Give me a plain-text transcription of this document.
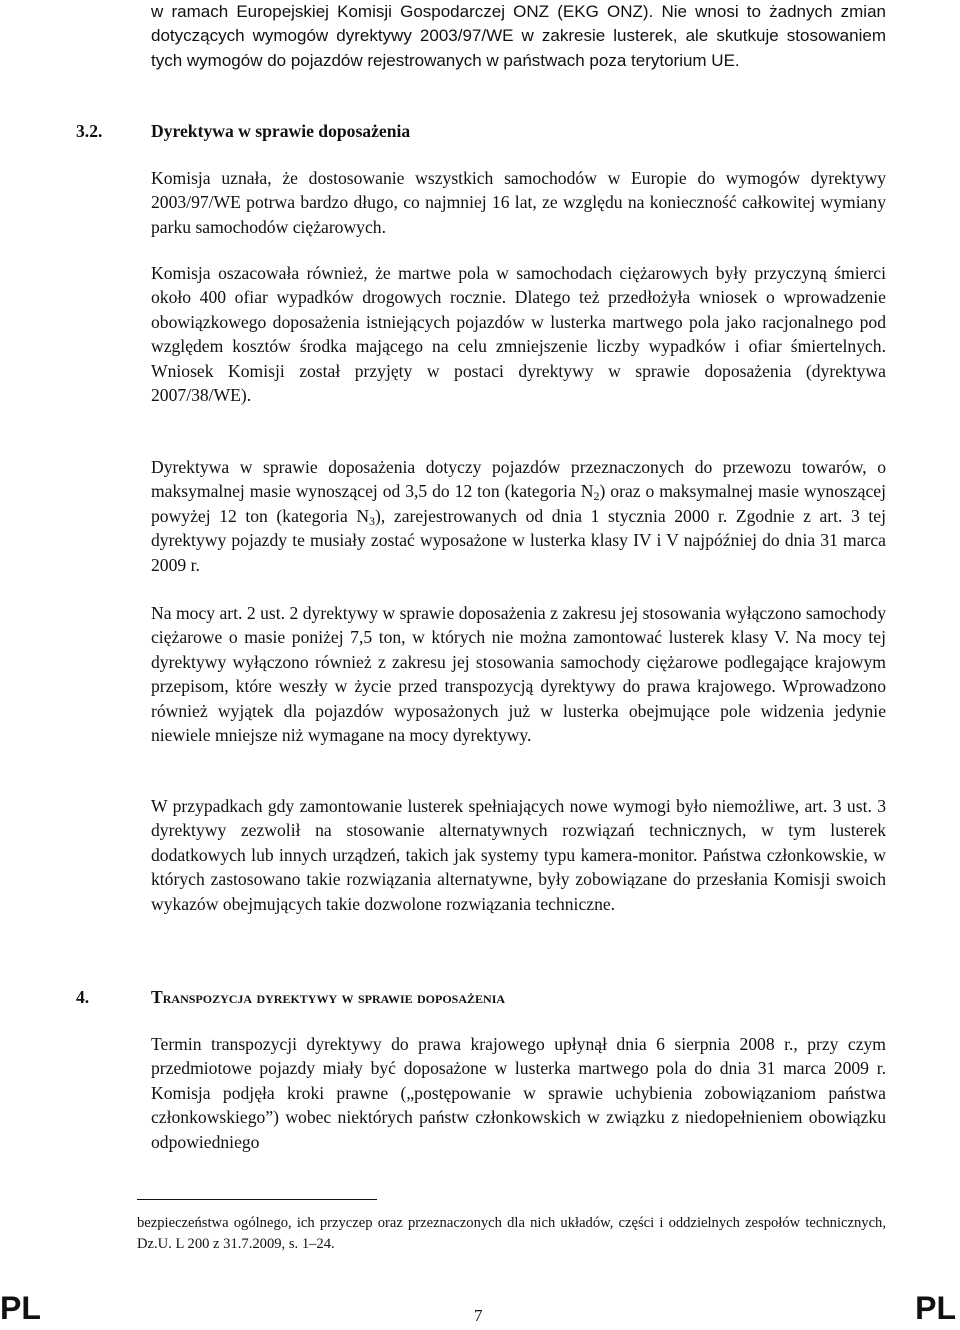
w ramach Europejskiej Komisji Gospodarczej ONZ (EKG ONZ). Nie wnosi to żadnych zmian dotyczących wymogów dyrektywy 2003/97/WE w zakresie lusterek, ale skutkuje stosowaniem tych wymogów do pojazdów rejestrowanych w państwach poza terytorium UE.

3.2.	Dyrektywa w sprawie doposażenia

Komisja uznała, że dostosowanie wszystkich samochodów w Europie do wymogów dyrektywy 2003/97/WE potrwa bardzo długo, co najmniej 16 lat, ze względu na konieczność całkowitej wymiany parku samochodów ciężarowych.

Komisja oszacowała również, że martwe pola w samochodach ciężarowych były przyczyną śmierci około 400 ofiar wypadków drogowych rocznie. Dlatego też przedłożyła wniosek o wprowadzenie obowiązkowego doposażenia istniejących pojazdów w lusterka martwego pola jako racjonalnego pod względem kosztów środka mającego na celu zmniejszenie liczby wypadków i ofiar śmiertelnych. Wniosek Komisji został przyjęty w postaci dyrektywy w sprawie doposażenia (dyrektywa 2007/38/WE).

Dyrektywa w sprawie doposażenia dotyczy pojazdów przeznaczonych do przewozu towarów, o maksymalnej masie wynoszącej od 3,5 do 12 ton (kategoria $N_2$) oraz o maksymalnej masie wynoszącej powyżej 12 ton (kategoria $N_3$), zarejestrowanych od dnia 1 stycznia 2000 r. Zgodnie z art. 3 tej dyrektywy pojazdy te musiały zostać wyposażone w lusterka klasy IV i V najpóźniej do dnia 31 marca 2009 r.

Na mocy art. 2 ust. 2 dyrektywy w sprawie doposażenia z zakresu jej stosowania wyłączono samochody ciężarowe o masie poniżej 7,5 ton, w których nie można zamontować lusterek klasy V. Na mocy tej dyrektywy wyłączono również z zakresu jej stosowania samochody ciężarowe podlegające krajowym przepisom, które weszły w życie przed transpozycją dyrektywy do prawa krajowego. Wprowadzono również wyjątek dla pojazdów wyposażonych już w lusterka obejmujące pole widzenia jedynie niewiele mniejsze niż wymagane na mocy dyrektywy.

W przypadkach gdy zamontowanie lusterek spełniających nowe wymogi było niemożliwe, art. 3 ust. 3 dyrektywy zezwolił na stosowanie alternatywnych rozwiązań technicznych, w tym lusterek dodatkowych lub innych urządzeń, takich jak systemy typu kamera-monitor. Państwa członkowskie, w których zastosowano takie rozwiązania alternatywne, były zobowiązane do przesłania Komisji swoich wykazów obejmujących takie dozwolone rozwiązania techniczne.

4.	Transpozycja dyrektywy w sprawie doposażenia

Termin transpozycji dyrektywy do prawa krajowego upłynął dnia 6 sierpnia 2008 r., przy czym przedmiotowe pojazdy miały być doposażone w lusterka martwego pola do dnia 31 marca 2009 r. Komisja podjęła kroki prawne („postępowanie w sprawie uchybienia zobowiązaniom państwa członkowskiego”) wobec niektórych państw członkowskich w związku z niedopełnieniem obowiązku odpowiedniego

bezpieczeństwa ogólnego, ich przyczep oraz przeznaczonych dla nich układów, części i oddzielnych zespołów technicznych, Dz.U. L 200 z 31.7.2009, s. 1–24.

PL	7	PL
